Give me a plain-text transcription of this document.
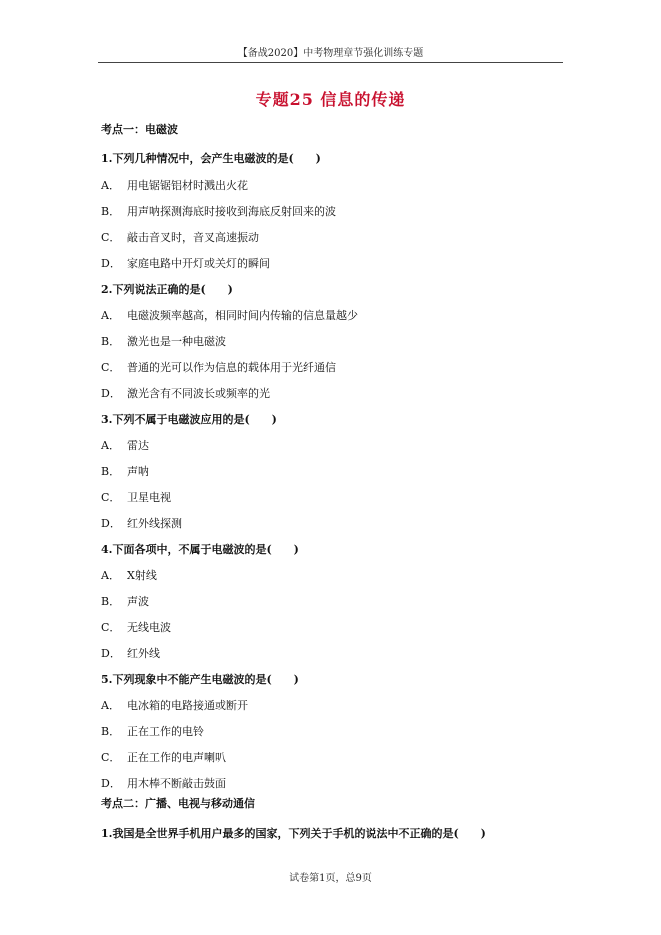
【备战2020】中考物理章节强化训练专题
专题25 信息的传递
考点一：电磁波
1.下列几种情况中，会产生电磁波的是(　　)
A． 用电锯锯铝材时溅出火花
B． 用声呐探测海底时接收到海底反射回来的波
C． 敲击音叉时，音叉高速振动
D． 家庭电路中开灯或关灯的瞬间
2.下列说法正确的是(　　)
A． 电磁波频率越高，相同时间内传输的信息量越少
B． 激光也是一种电磁波
C． 普通的光可以作为信息的载体用于光纤通信
D． 激光含有不同波长或频率的光
3.下列不属于电磁波应用的是(　　)
A． 雷达
B． 声呐
C． 卫星电视
D． 红外线探测
4.下面各项中，不属于电磁波的是(　　)
A． X射线
B． 声波
C． 无线电波
D． 红外线
5.下列现象中不能产生电磁波的是(　　)
A． 电冰箱的电路接通或断开
B． 正在工作的电铃
C． 正在工作的电声喇叭
D． 用木棒不断敲击鼓面
考点二：广播、电视与移动通信
1.我国是全世界手机用户最多的国家，下列关于手机的说法中不正确的是(　　)
试卷第1页，总9页
